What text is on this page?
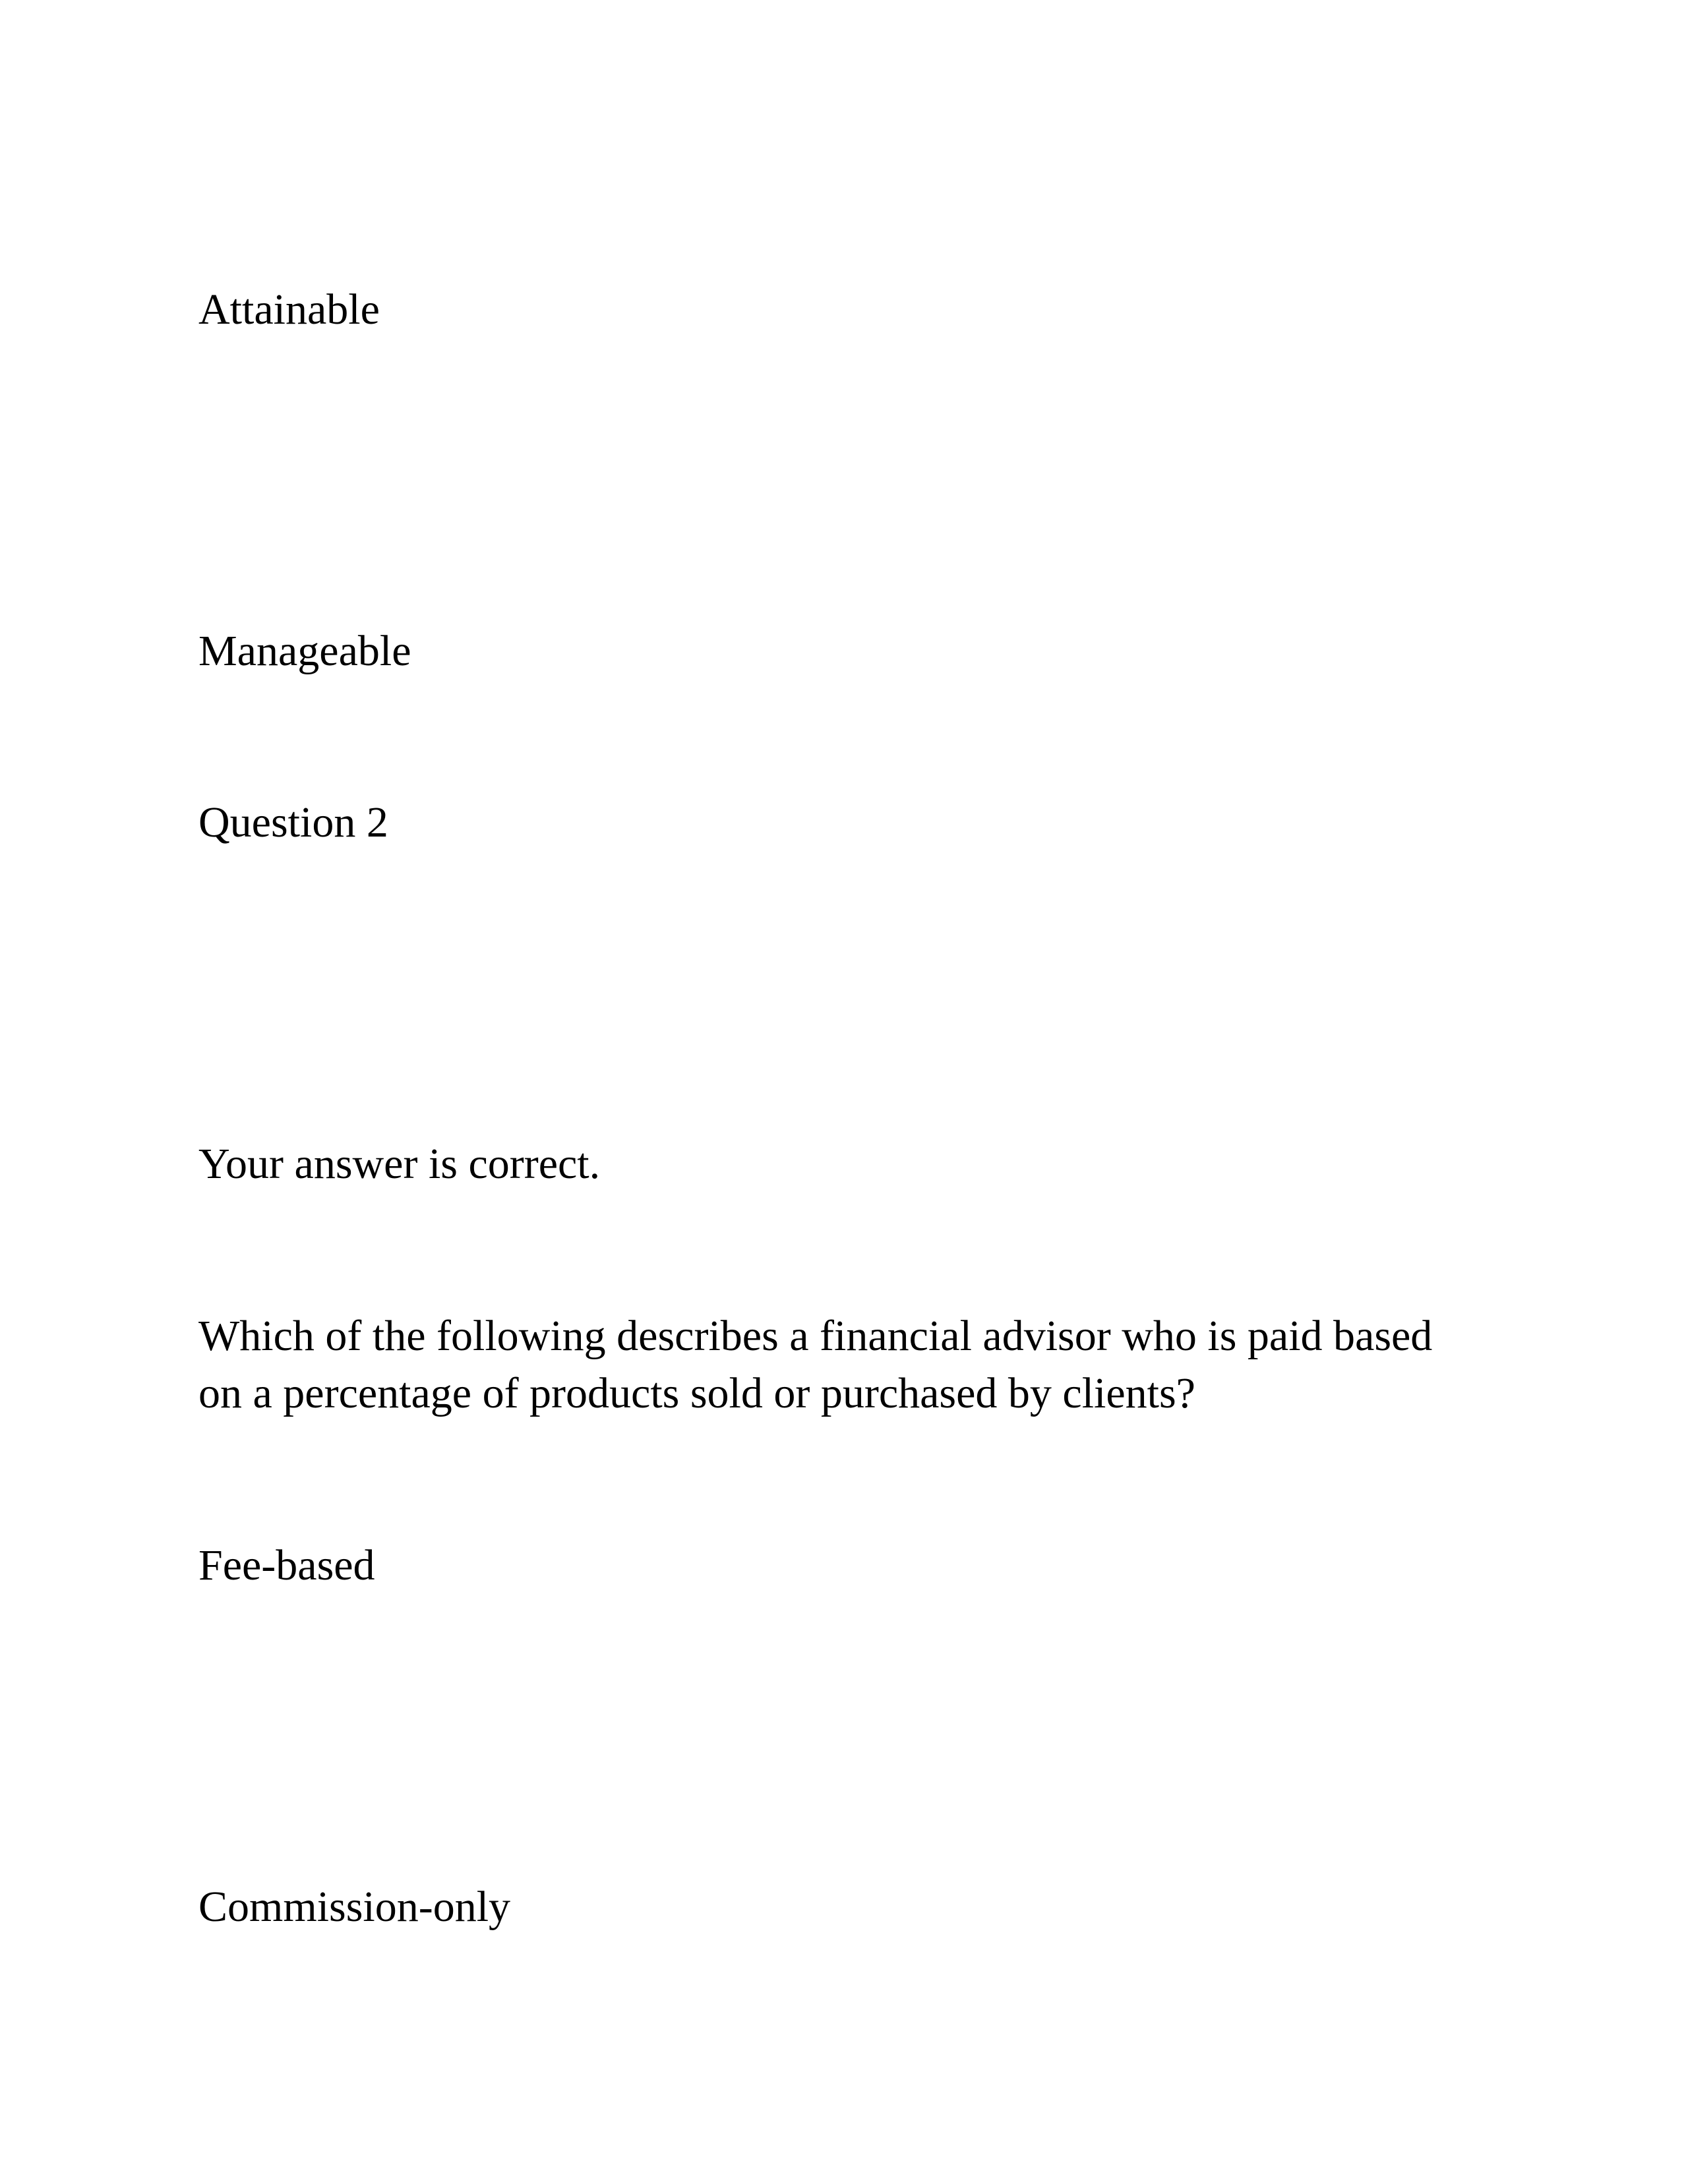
Attainable

Manageable

Question 2

Your answer is correct.

Which of the following describes a financial advisor who is paid based

on a percentage of products sold or purchased by clients?

Fee-based

Commission-only
